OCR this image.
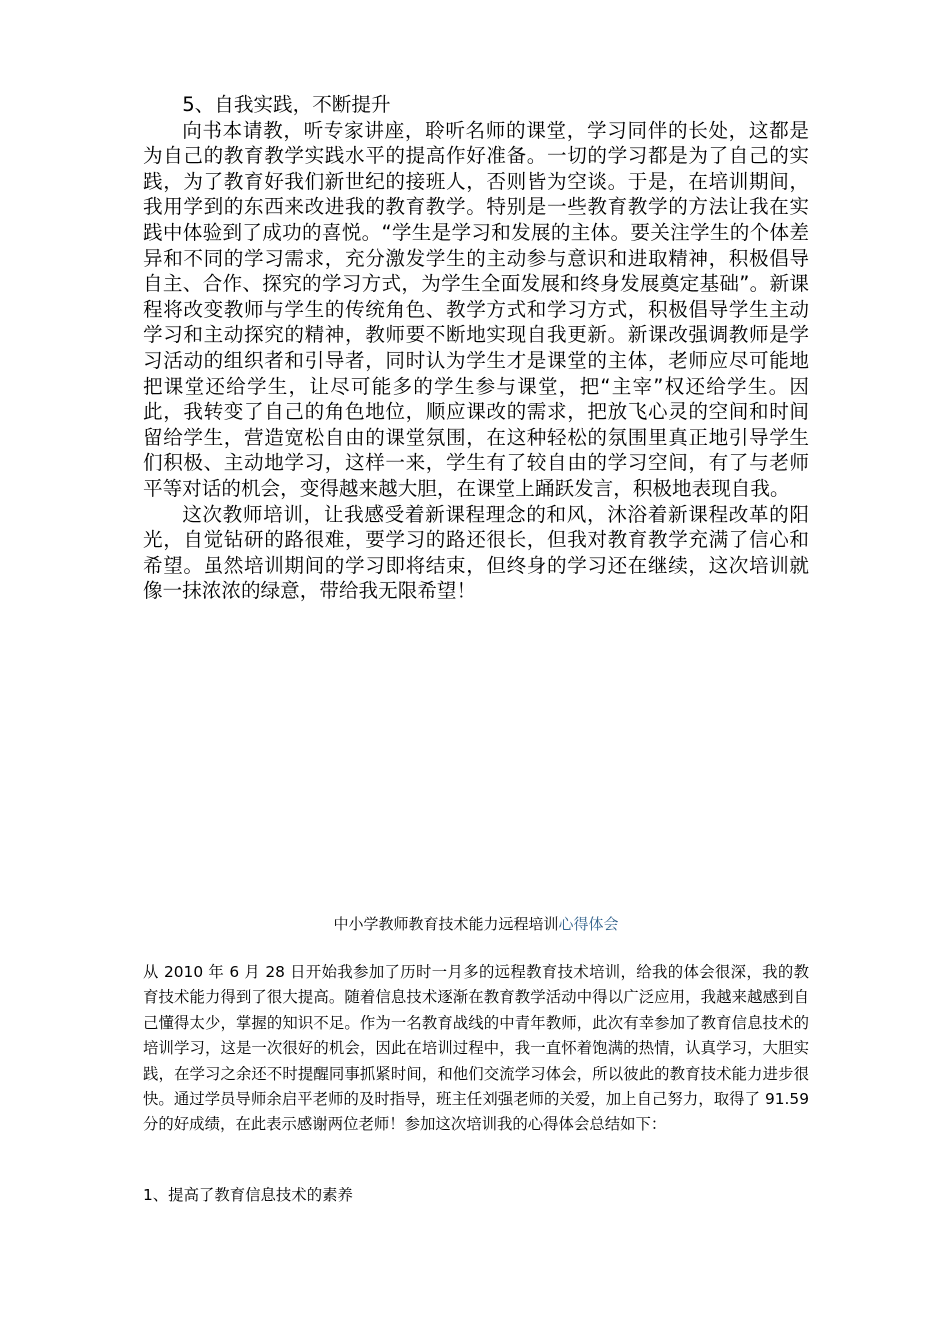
5、自我实践，不断提升

向书本请教，听专家讲座，聆听名师的课堂，学习同伴的长处，这都是为自己的教育教学实践水平的提高作好准备。一切的学习都是为了自己的实践，为了教育好我们新世纪的接班人，否则皆为空谈。于是，在培训期间，我用学到的东西来改进我的教育教学。特别是一些教育教学的方法让我在实践中体验到了成功的喜悦。“学生是学习和发展的主体。要关注学生的个体差异和不同的学习需求，充分激发学生的主动参与意识和进取精神，积极倡导自主、合作、探究的学习方式，为学生全面发展和终身发展奠定基础”。新课程将改变教师与学生的传统角色、教学方式和学习方式，积极倡导学生主动学习和主动探究的精神，教师要不断地实现自我更新。新课改强调教师是学习活动的组织者和引导者，同时认为学生才是课堂的主体，老师应尽可能地把课堂还给学生，让尽可能多的学生参与课堂，把“主宰”权还给学生。因此，我转变了自己的角色地位，顺应课改的需求，把放飞心灵的空间和时间留给学生，营造宽松自由的课堂氛围，在这种轻松的氛围里真正地引导学生们积极、主动地学习，这样一来，学生有了较自由的学习空间，有了与老师平等对话的机会，变得越来越大胆，在课堂上踊跃发言，积极地表现自我。

这次教师培训，让我感受着新课程理念的和风，沐浴着新课程改革的阳光，自觉钻研的路很难，要学习的路还很长，但我对教育教学充满了信心和希望。虽然培训期间的学习即将结束，但终身的学习还在继续，这次培训就像一抹浓浓的绿意，带给我无限希望！

中小学教师教育技术能力远程培训心得体会

从 2010 年 6 月 28 日开始我参加了历时一月多的远程教育技术培训，给我的体会很深，我的教育技术能力得到了很大提高。随着信息技术逐渐在教育教学活动中得以广泛应用，我越来越感到自己懂得太少，掌握的知识不足。作为一名教育战线的中青年教师，此次有幸参加了教育信息技术的培训学习，这是一次很好的机会，因此在培训过程中，我一直怀着饱满的热情，认真学习，大胆实践，在学习之余还不时提醒同事抓紧时间，和他们交流学习体会，所以彼此的教育技术能力进步很快。通过学员导师余启平老师的及时指导，班主任刘强老师的关爱，加上自己努力，取得了 91.59 分的好成绩，在此表示感谢两位老师！参加这次培训我的心得体会总结如下：

1、提高了教育信息技术的素养
